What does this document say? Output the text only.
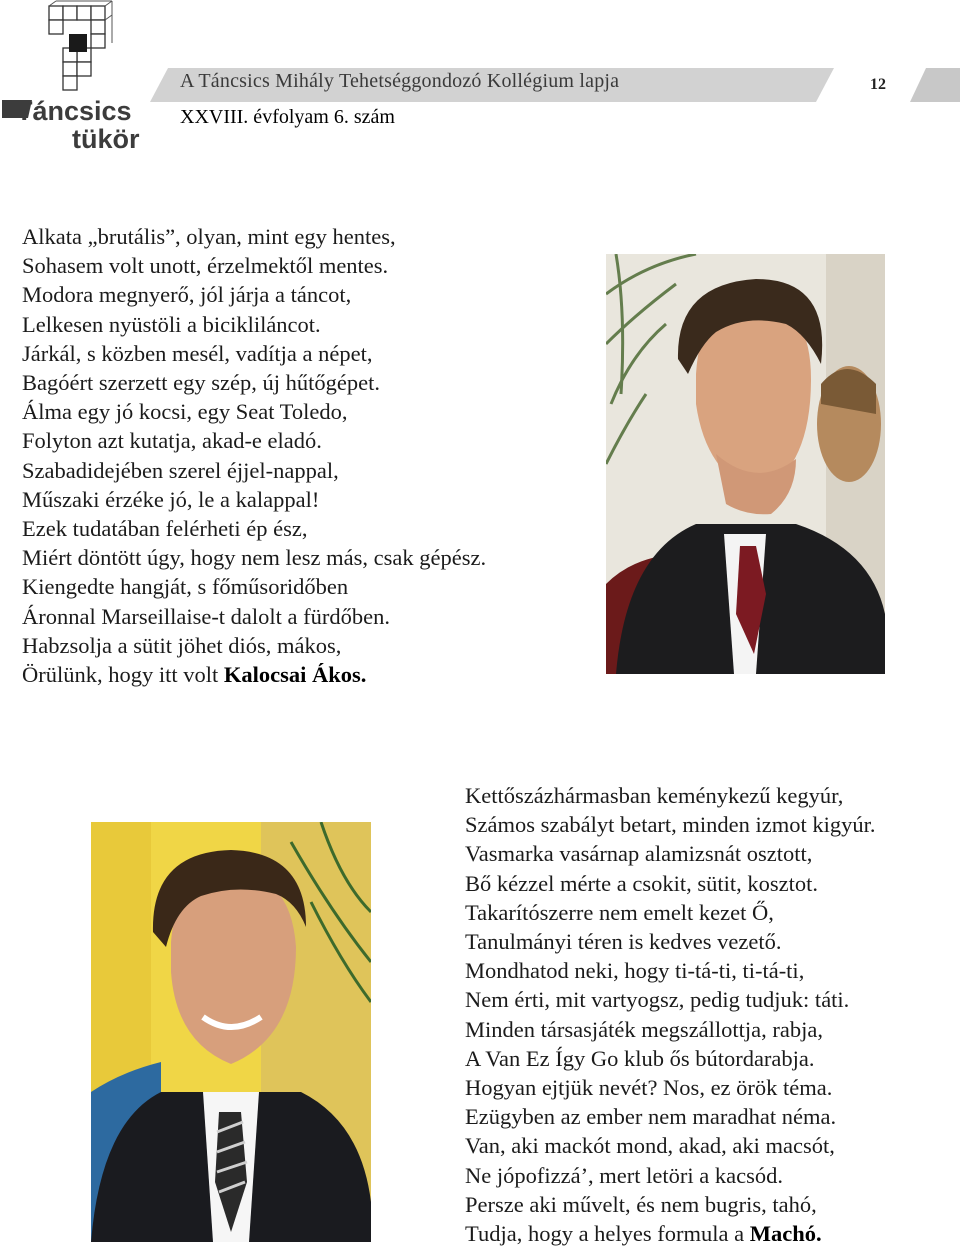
Táncsics
tükör
A Táncsics Mihály Tehetséggondozó Kollégium lapja	12
XXVIII. évfolyam 6. szám
Alkata „brutális”, olyan, mint egy hentes,
Sohasem volt unott, érzelmektől mentes.
Modora megnyerő, jól járja a táncot,
Lelkesen nyüstöli a bicikliláncot.
Járkál, s közben mesél, vadítja a népet,
Bagóért szerzett egy szép, új hűtőgépet.
Álma egy jó kocsi, egy Seat Toledo,
Folyton azt kutatja, akad-e eladó.
Szabadidejében szerel éjjel-nappal,
Műszaki érzéke jó, le a kalappal!
Ezek tudatában felérheti ép ész,
Miért döntött úgy, hogy nem lesz más, csak gépész.
Kiengedte hangját, s főműsoridőben
Áronnal Marseillaise-t dalolt a fürdőben.
Habzsolja a sütit jöhet diós, mákos,
Örülünk, hogy itt volt Kalocsai Ákos.
Kettőszázhármasban keménykezű kegyúr,
Számos szabályt betart, minden izmot kigyúr.
Vasmarka vasárnap alamizsnát osztott,
Bő kézzel mérte a csokit, sütit, kosztot.
Takarítószerre nem emelt kezet Ő,
Tanulmányi téren is kedves vezető.
Mondhatod neki, hogy ti-tá-ti, ti-tá-ti,
Nem érti, mit vartyogsz, pedig tudjuk: táti.
Minden társasjáték megszállottja, rabja,
A Van Ez Így Go klub ős bútordarabja.
Hogyan ejtjük nevét? Nos, ez örök téma.
Ezügyben az ember nem maradhat néma.
Van, aki mackót mond, akad, aki macsót,
Ne jópofizzá’, mert letöri a kacsód.
Persze aki művelt, és nem bugris, tahó,
Tudja, hogy a helyes formula a Machó.
